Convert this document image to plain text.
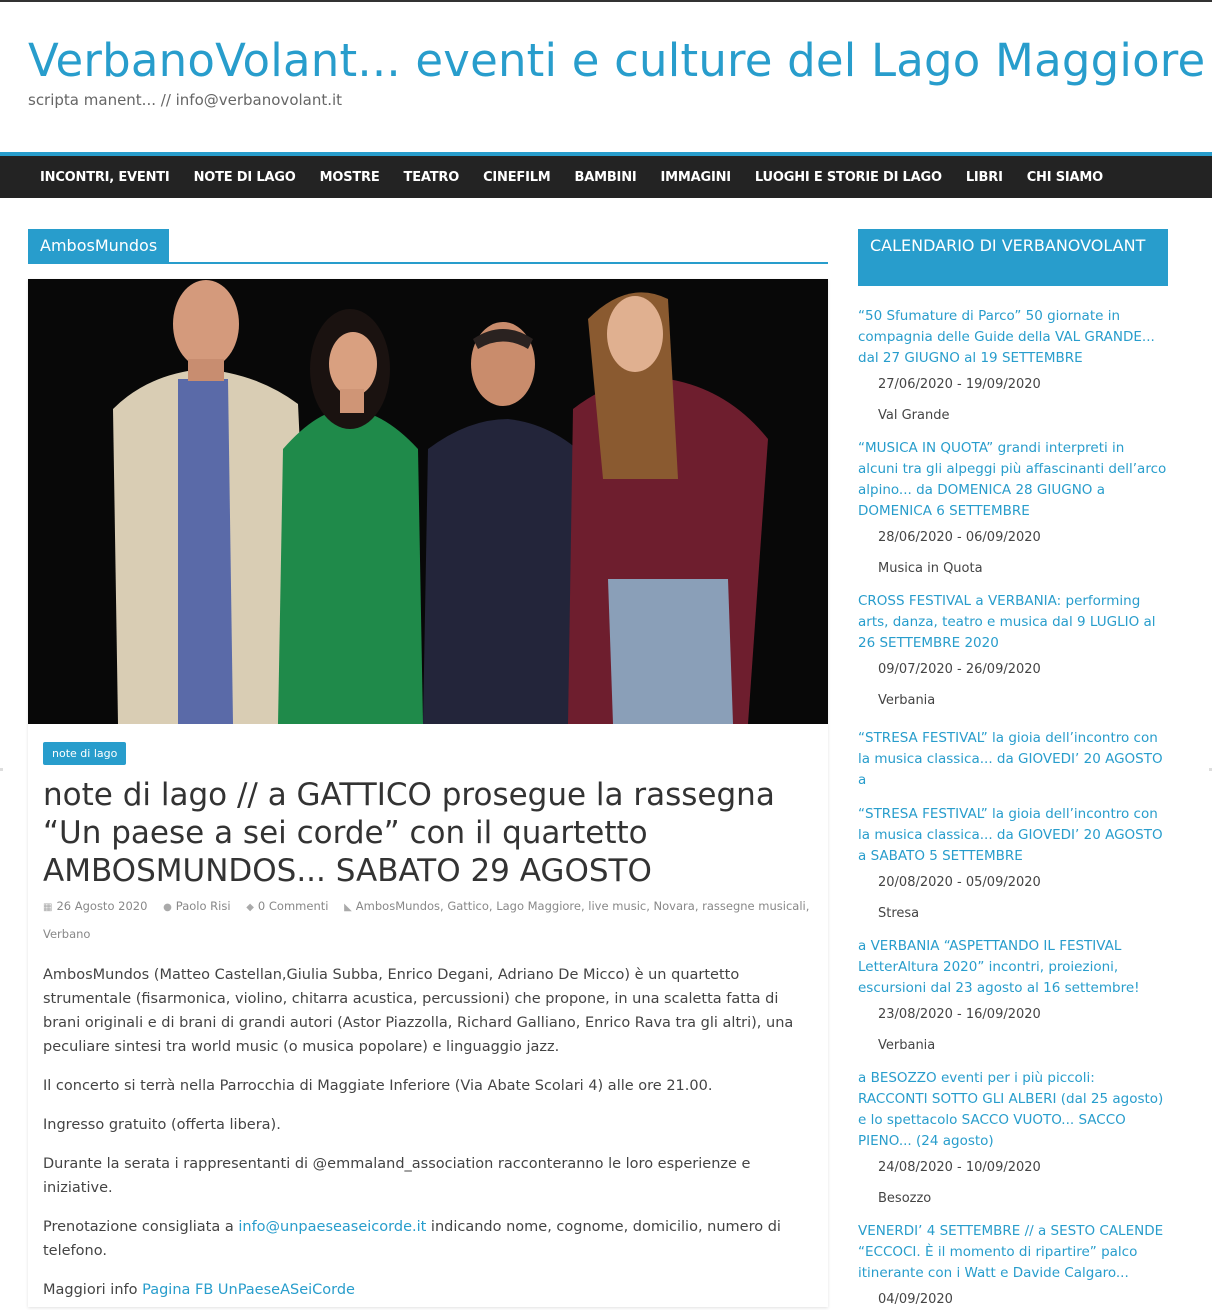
VerbanoVolant... eventi e culture del Lago Maggiore
scripta manent... // info@verbanovolant.it
INCONTRI, EVENTI	NOTE DI LAGO	MOSTRE	TEATRO	CINEFILM	BAMBINI	IMMAGINI	LUOGHI E STORIE DI LAGO	LIBRI	CHI SIAMO
AmbosMundos
note di lago
note di lago // a GATTICO prosegue la rassegna “Un paese a sei corde” con il quartetto AMBOSMUNDOS... SABATO 29 AGOSTO
▦ 26 Agosto 2020 ● Paolo Risi ◆ 0 Commenti ◣ AmbosMundos, Gattico, Lago Maggiore, live music, Novara, rassegne musicali, Verbano

AmbosMundos (Matteo Castellan,Giulia Subba, Enrico Degani, Adriano De Micco) è un quartetto strumentale (fisarmonica, violino, chitarra acustica, percussioni) che propone, in una scaletta fatta di brani originali e di brani di grandi autori (Astor Piazzolla, Richard Galliano, Enrico Rava tra gli altri), una peculiare sintesi tra world music (o musica popolare) e linguaggio jazz.

Il concerto si terrà nella Parrocchia di Maggiate Inferiore (Via Abate Scolari 4) alle ore 21.00.

Ingresso gratuito (offerta libera).

Durante la serata i rappresentanti di @emmaland_association racconteranno le loro esperienze e iniziative.

Prenotazione consigliata a info@unpaeseaseicorde.it indicando nome, cognome, domicilio, numero di telefono.

Maggiori info Pagina FB UnPaeseASeiCorde

CALENDARIO DI VERBANOVOLANT
“50 Sfumature di Parco” 50 giornate in compagnia delle Guide della VAL GRANDE... dal 27 GIUGNO al 19 SETTEMBRE
27/06/2020 - 19/09/2020
Val Grande
“MUSICA IN QUOTA” grandi interpreti in alcuni tra gli alpeggi più affascinanti dell’arco alpino... da DOMENICA 28 GIUGNO a DOMENICA 6 SETTEMBRE
28/06/2020 - 06/09/2020
Musica in Quota
CROSS FESTIVAL a VERBANIA: performing arts, danza, teatro e musica dal 9 LUGLIO al 26 SETTEMBRE 2020
09/07/2020 - 26/09/2020
Verbania
“STRESA FESTIVAL” la gioia dell’incontro con la musica classica... da GIOVEDI’ 20 AGOSTO a
“STRESA FESTIVAL” la gioia dell’incontro con la musica classica... da GIOVEDI’ 20 AGOSTO a SABATO 5 SETTEMBRE
20/08/2020 - 05/09/2020
Stresa
a VERBANIA “ASPETTANDO IL FESTIVAL LetterAltura 2020” incontri, proiezioni, escursioni dal 23 agosto al 16 settembre!
23/08/2020 - 16/09/2020
Verbania
a BESOZZO eventi per i più piccoli: RACCONTI SOTTO GLI ALBERI (dal 25 agosto) e lo spettacolo SACCO VUOTO... SACCO PIENO... (24 agosto)
24/08/2020 - 10/09/2020
Besozzo
VENERDI’ 4 SETTEMBRE // a SESTO CALENDE “ECCOCI. È il momento di ripartire” palco itinerante con i Watt e Davide Calgaro...
04/09/2020
